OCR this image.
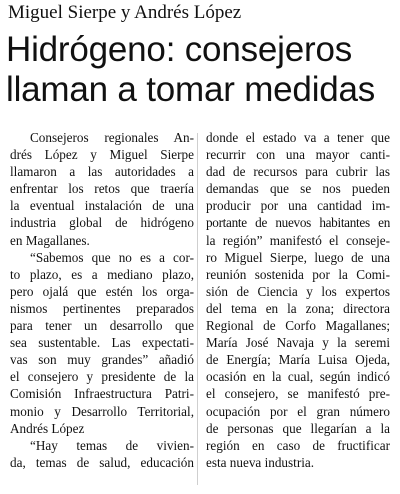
Miguel Sierpe y Andrés López
Hidrógeno: consejeros
llaman a tomar medidas
Consejeros regionales An-
drés López y Miguel Sierpe
llamaron a las autoridades a
enfrentar los retos que traería
la eventual instalación de una
industria global de hidrógeno
en Magallanes.
“Sabemos que no es a cor-
to plazo, es a mediano plazo,
pero ojalá que estén los orga-
nismos pertinentes preparados
para tener un desarrollo que
sea sustentable. Las expectati-
vas son muy grandes” añadió
el consejero y presidente de la
Comisión Infraestructura Patri-
monio y Desarrollo Territorial,
Andrés López
“Hay temas de vivien-
da, temas de salud, educación
donde el estado va a tener que
recurrir con una mayor canti-
dad de recursos para cubrir las
demandas que se nos pueden
producir por una cantidad im-
portante de nuevos habitantes en
la región” manifestó el conseje-
ro Miguel Sierpe, luego de una
reunión sostenida por la Comi-
sión de Ciencia y los expertos
del tema en la zona; directora
Regional de Corfo Magallanes;
María José Navaja y la seremi
de Energía; María Luisa Ojeda,
ocasión en la cual, según indicó
el consejero, se manifestó pre-
ocupación por el gran número
de personas que llegarían a la
región en caso de fructificar
esta nueva industria.
